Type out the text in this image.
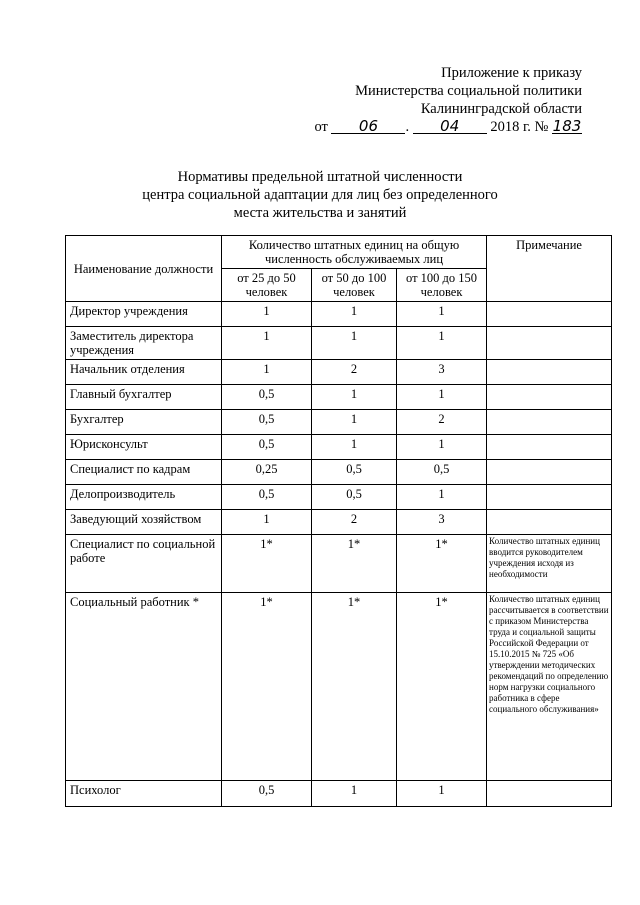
Приложение к приказу
Министерства социальной политики
Калининградской области
от 06 . 04 2018 г. № 183
Нормативы предельной штатной численности
центра социальной адаптации для лиц без определенного
места жительства и занятий
Наименование должности	Количество штатных единиц на общую численность обслуживаемых лиц			Примечание
	от 25 до 50 человек	от 50 до 100 человек	от 100 до 150 человек	
Директор учреждения	1	1	1	
Заместитель директора учреждения	1	1	1	
Начальник отделения	1	2	3	
Главный бухгалтер	0,5	1	1	
Бухгалтер	0,5	1	2	
Юрисконсульт	0,5	1	1	
Специалист по кадрам	0,25	0,5	0,5	
Делопроизводитель	0,5	0,5	1	
Заведующий хозяйством	1	2	3	
Специалист по социальной работе	1*	1*	1*	Количество штатных единиц вводится руководителем учреждения исходя из необходимости
Социальный работник *	1*	1*	1*	Количество штатных единиц рассчитывается в соответствии с приказом Министерства труда и социальной защиты Российской Федерации от 15.10.2015 № 725 «Об утверждении методических рекомендаций по определению норм нагрузки социального работника в сфере социального обслуживания»
Психолог	0,5	1	1	
